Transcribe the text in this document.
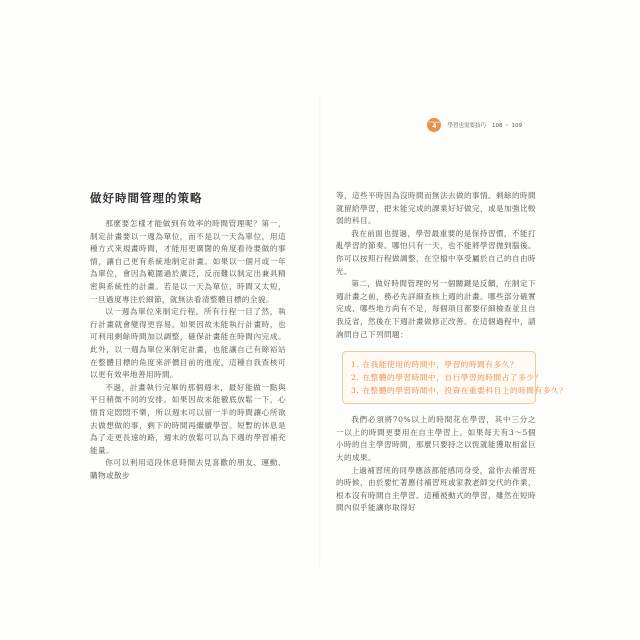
Chapter
4 學習也需要技巧 108 ・ 109
做好時間管理的策略

那麼要怎樣才能做到有效率的時間管理呢？第一，制定計畫要以一週為單位，而不是以一天為單位，用這種方式來規畫時間，才能用更廣闊的角度看待要做的事情，讓自己更有系統地制定計畫。如果以一個月或一年為單位，會因為範圍過於廣泛，反而難以制定出兼具精密與系統性的計畫。若是以一天為單位，時間又太短，一旦過度專注於細節，就無法看清整體目標的全貌。

以一週為單位來制定行程，所有行程一目了然，執行計畫就會變得更容易。如果因故未能執行計畫時，也可利用剩餘時間加以調整，確保計畫能在時間內完成。此外，以一週為單位來制定計畫，也能讓自己有餘裕站在整體目標的角度來評價目前的進度，這種自我查核可以更有效率地善用時間。

不過，計畫執行完畢的那個週末，最好能做一點與平日稍微不同的安排。如果因故未能徹底放鬆一下，心情肯定悶悶不樂，所以週末可以留一半的時間讓心所欲去做想做的事，剩下的時間再繼續學習。短暫的休息是為了走更長遠的路，週末的放鬆可以為下週的學習補充能量。

你可以利用這段休息時間去見喜歡的朋友、運動、購物或散步

等，這些平時因為沒時間而無法去做的事情。剩餘的時間就留給學習，把未能完成的課業好好做完，或是加強比較弱的科目。

我在前面也提過，學習最重要的是保持習慣，不能打亂學習的節奏。哪怕只有一天，也不能將學習拋到腦後。你可以按照行程做調整，在空檔中享受屬於自己的自由時光。

第二，做好時間管理的另一個關鍵是反饋，在制定下週計畫之前，務必先詳細查核上週的計畫。哪些部分確實完成、哪些地方尚有不足，每個項目都要仔細檢查並且自我反省，然後在下週計畫做修正改善。在這個過程中，請詢問自己下列問題：

1. 在我能使用的時間中，學習的時間有多久？
2. 在整體的學習時間中，自行學習的時間占了多少？
3. 在整體的學習時間中，投資在重要科目上的時間有多久？

我們必須將70%以上的時間花在學習，其中三分之一以上的時間更要用在自主學習上。如果每天有3～5個小時的自主學習時間，那麼只要持之以恆就能獲取相當巨大的成果。

上過補習班的同學應該都能感同身受，當你去補習班的時候，由於要忙著應付補習班或家教老師交代的作業，根本沒有時間自主學習。這種被動式的學習，雖然在短時間內似乎能讓你取得好
